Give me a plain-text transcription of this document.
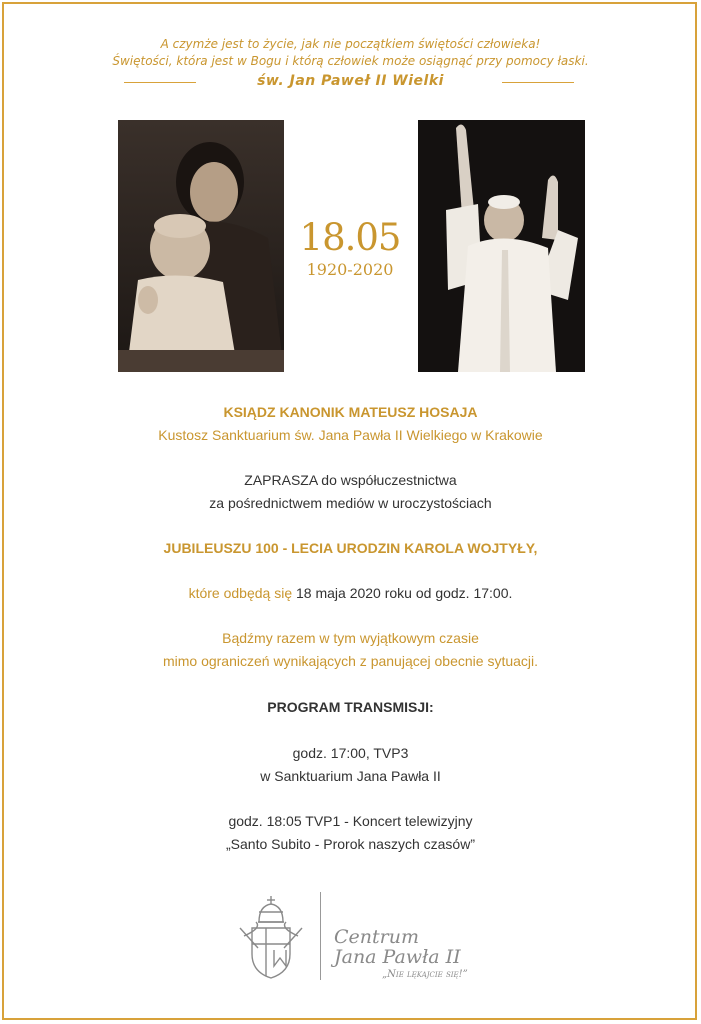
A czymże jest to życie, jak nie początkiem świętości człowieka!
Świętości, która jest w Bogu i którą człowiek może osiągnąć przy pomocy łaski.
św. Jan Paweł II Wielki
18.05
1920-2020
KSIĄDZ KANONIK MATEUSZ HOSAJA
Kustosz Sanktuarium św. Jana Pawła II Wielkiego w Krakowie
ZAPRASZA do współuczestnictwa
za pośrednictwem mediów w uroczystościach
JUBILEUSZU 100 - LECIA URODZIN KAROLA WOJTYŁY,
które odbędą się 18 maja 2020 roku od godz. 17:00.
Bądźmy razem w tym wyjątkowym czasie
mimo ograniczeń wynikających z panującej obecnie sytuacji.
PROGRAM TRANSMISJI:
godz. 17:00, TVP3
w Sanktuarium Jana Pawła II
godz. 18:05 TVP1 - Koncert telewizyjny
„Santo Subito - Prorok naszych czasów”
Centrum
Jana Pawła II
„Nie lękajcie się!”
